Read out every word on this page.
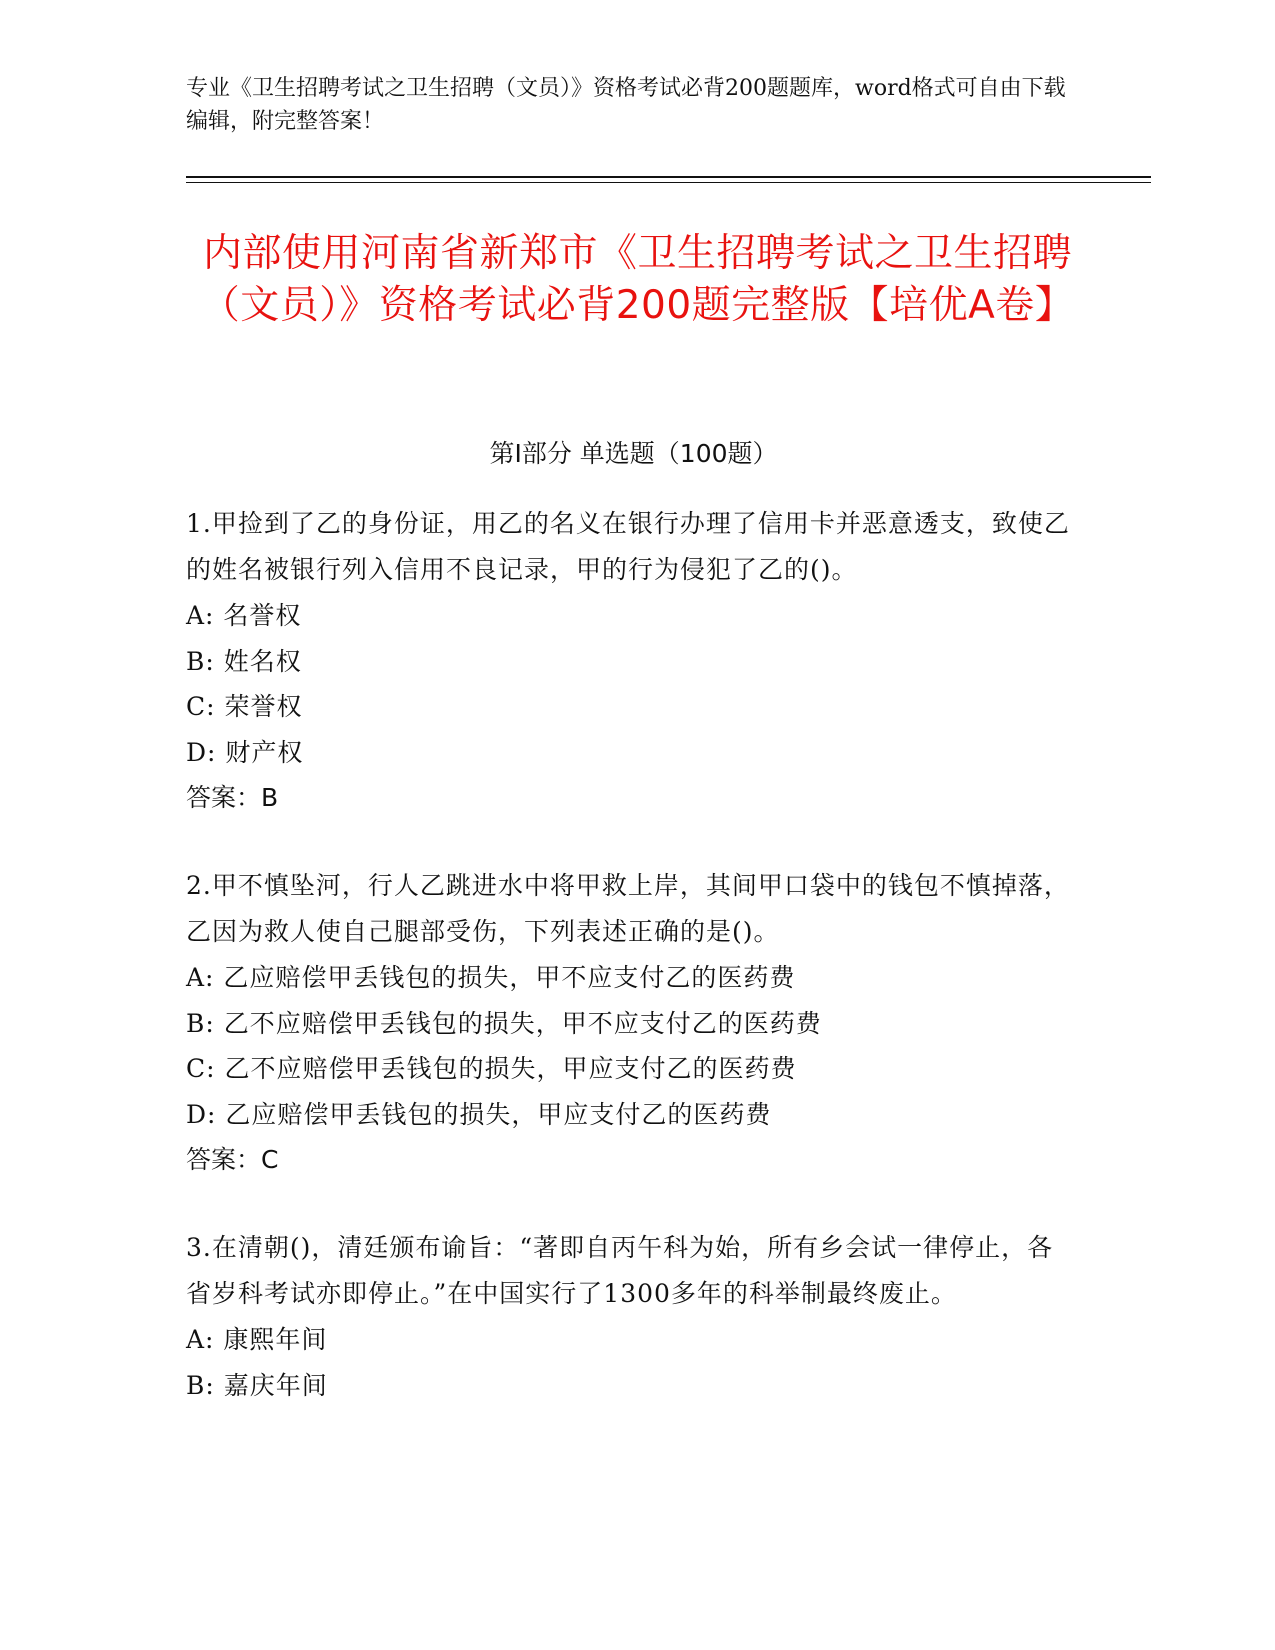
专业《卫生招聘考试之卫生招聘（文员）》资格考试必背200题题库，word格式可自由下载编辑，附完整答案！
内部使用河南省新郑市《卫生招聘考试之卫生招聘（文员）》资格考试必背200题完整版【培优A卷】
第I部分 单选题（100题）
1.甲捡到了乙的身份证，用乙的名义在银行办理了信用卡并恶意透支，致使乙的姓名被银行列入信用不良记录，甲的行为侵犯了乙的()。
A: 名誉权
B: 姓名权
C: 荣誉权
D: 财产权
答案：B
2.甲不慎坠河，行人乙跳进水中将甲救上岸，其间甲口袋中的钱包不慎掉落，乙因为救人使自己腿部受伤，下列表述正确的是()。
A: 乙应赔偿甲丢钱包的损失，甲不应支付乙的医药费
B: 乙不应赔偿甲丢钱包的损失，甲不应支付乙的医药费
C: 乙不应赔偿甲丢钱包的损失，甲应支付乙的医药费
D: 乙应赔偿甲丢钱包的损失，甲应支付乙的医药费
答案：C
3.在清朝()，清廷颁布谕旨：“著即自丙午科为始，所有乡会试一律停止，各省岁科考试亦即停止。”在中国实行了1300多年的科举制最终废止。
A: 康熙年间
B: 嘉庆年间
